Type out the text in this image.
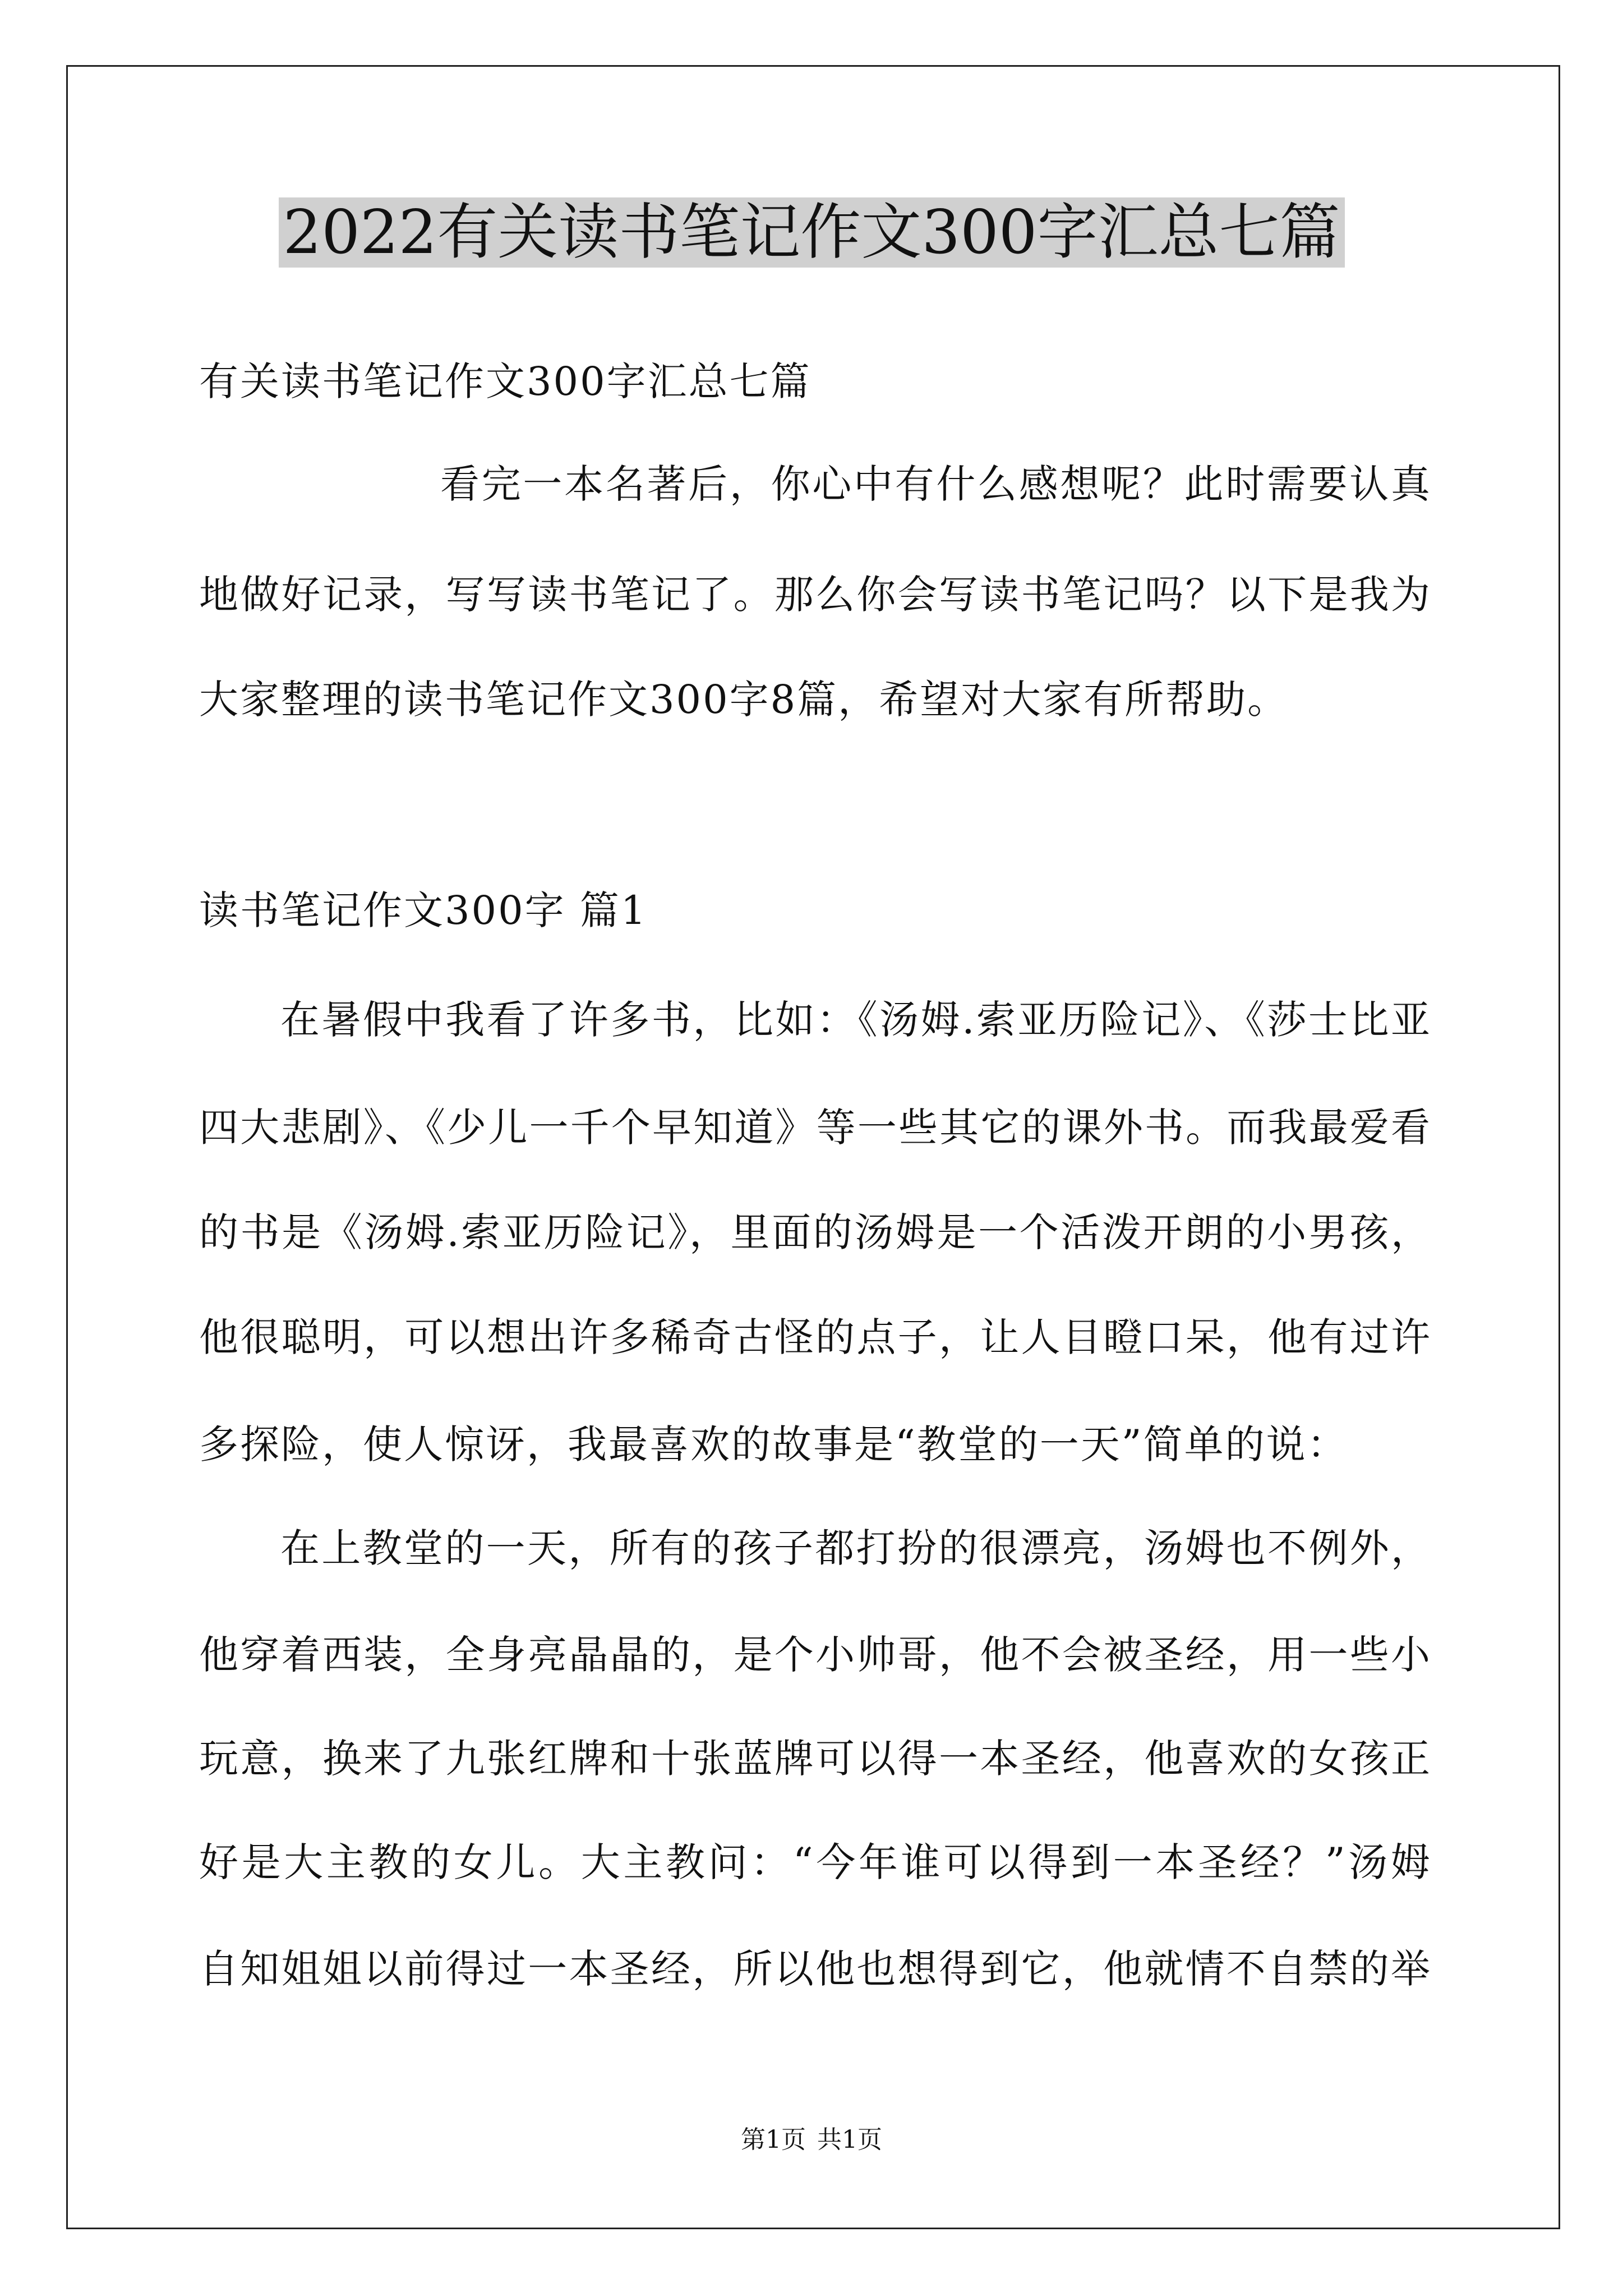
2022有关读书笔记作文300字汇总七篇
有关读书笔记作文300字汇总七篇
看完一本名著后，你心中有什么感想呢？此时需要认真
地做好记录，写写读书笔记了。那么你会写读书笔记吗？以下是我为
大家整理的读书笔记作文300字8篇，希望对大家有所帮助。
读书笔记作文300字 篇1
在暑假中我看了许多书，比如：《汤姆.索亚历险记》、《莎士比亚
四大悲剧》、《少儿一千个早知道》等一些其它的课外书。而我最爱看
的书是《汤姆.索亚历险记》，里面的汤姆是一个活泼开朗的小男孩，
他很聪明，可以想出许多稀奇古怪的点子，让人目瞪口呆，他有过许
多探险，使人惊讶，我最喜欢的故事是“教堂的一天”简单的说：
在上教堂的一天，所有的孩子都打扮的很漂亮，汤姆也不例外，
他穿着西装，全身亮晶晶的，是个小帅哥，他不会被圣经，用一些小
玩意，换来了九张红牌和十张蓝牌可以得一本圣经，他喜欢的女孩正
好是大主教的女儿。大主教问：“今年谁可以得到一本圣经？”汤姆
自知姐姐以前得过一本圣经，所以他也想得到它，他就情不自禁的举
第1页 共1页
